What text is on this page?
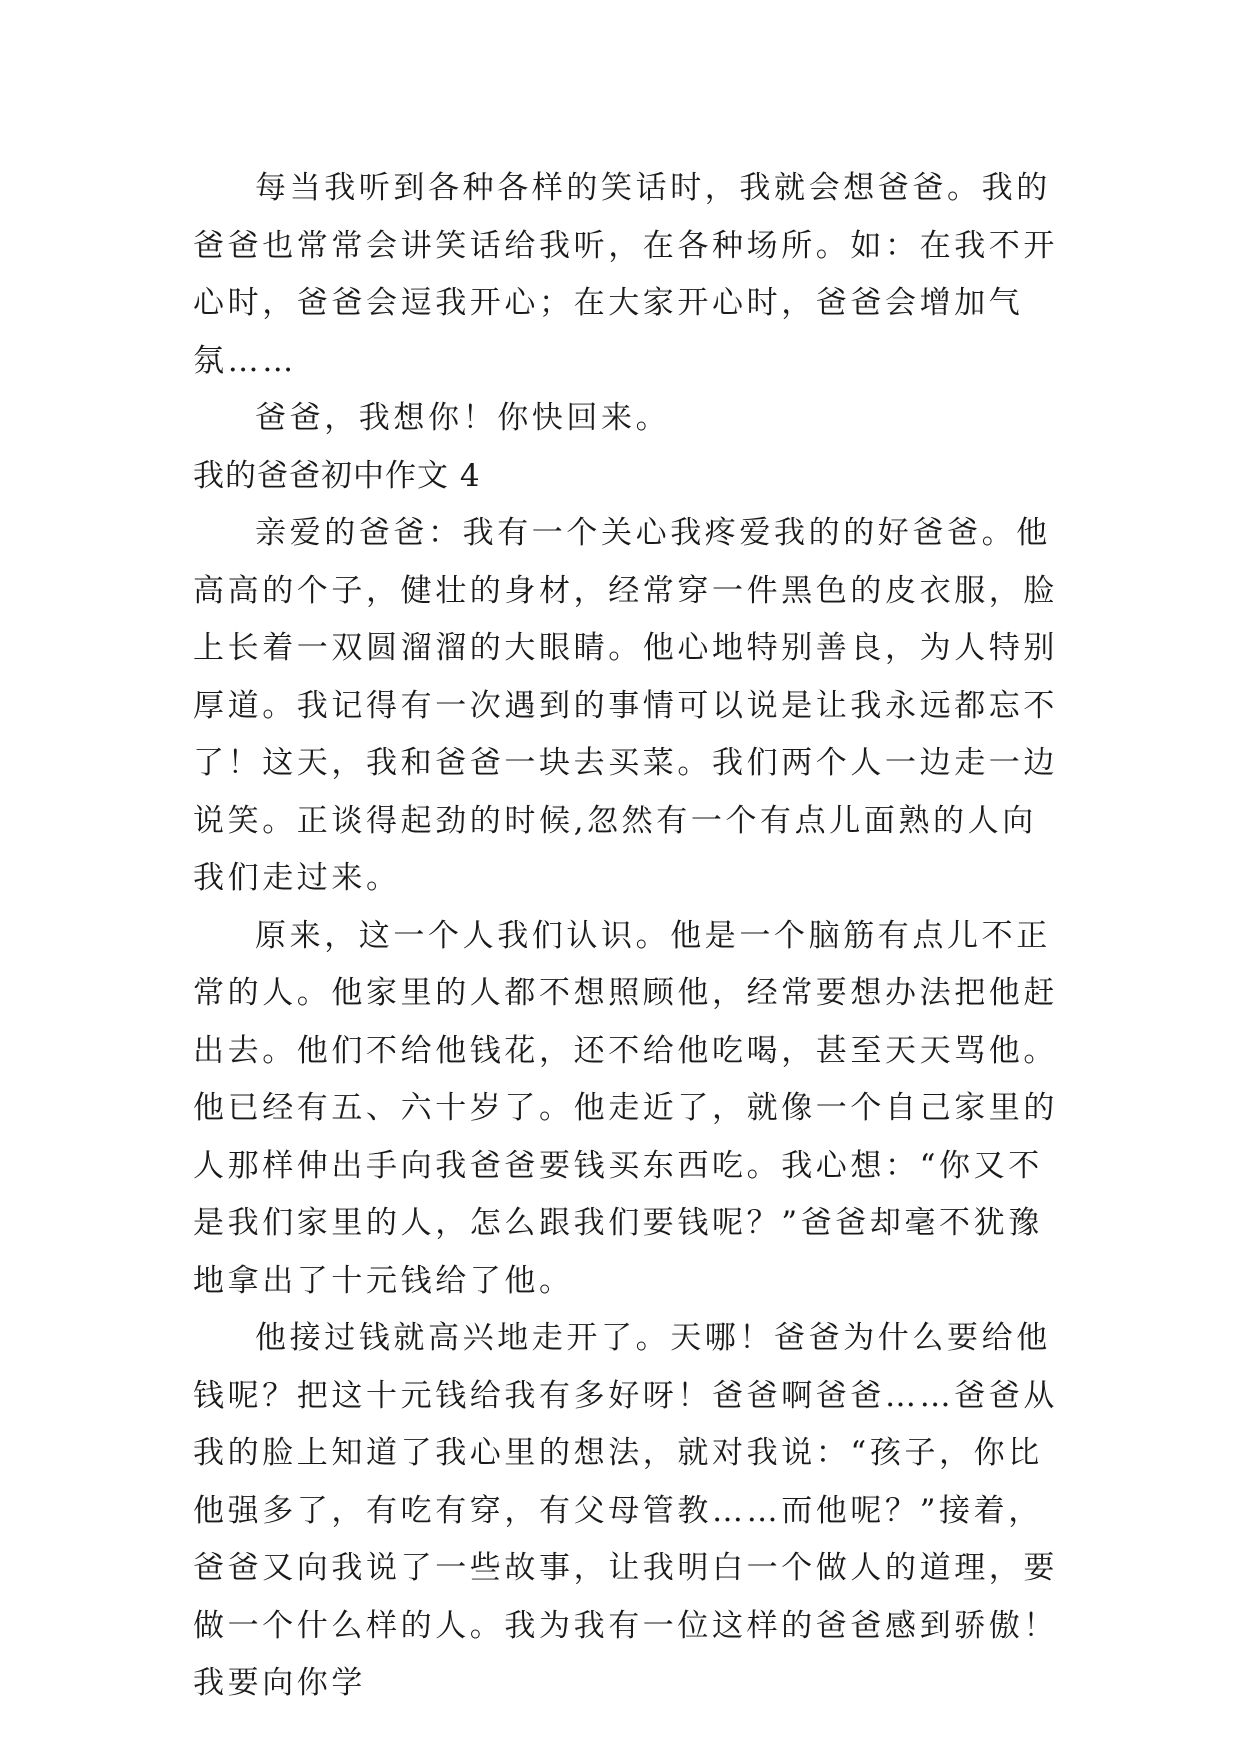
每当我听到各种各样的笑话时，我就会想爸爸。我的爸爸也常常会讲笑话给我听，在各种场所。如：在我不开心时，爸爸会逗我开心；在大家开心时，爸爸会增加气氛……

爸爸，我想你！你快回来。

我的爸爸初中作文 4

亲爱的爸爸：我有一个关心我疼爱我的的好爸爸。他高高的个子，健壮的身材，经常穿一件黑色的皮衣服，脸上长着一双圆溜溜的大眼睛。他心地特别善良，为人特别厚道。我记得有一次遇到的事情可以说是让我永远都忘不了！这天，我和爸爸一块去买菜。我们两个人一边走一边说笑。正谈得起劲的时候,忽然有一个有点儿面熟的人向我们走过来。

原来，这一个人我们认识。他是一个脑筋有点儿不正常的人。他家里的人都不想照顾他，经常要想办法把他赶出去。他们不给他钱花，还不给他吃喝，甚至天天骂他。他已经有五、六十岁了。他走近了，就像一个自己家里的人那样伸出手向我爸爸要钱买东西吃。我心想：“你又不是我们家里的人，怎么跟我们要钱呢？”爸爸却毫不犹豫地拿出了十元钱给了他。

他接过钱就高兴地走开了。天哪！爸爸为什么要给他钱呢？把这十元钱给我有多好呀！爸爸啊爸爸……爸爸从我的脸上知道了我心里的想法，就对我说：“孩子，你比他强多了，有吃有穿，有父母管教……而他呢？”接着，爸爸又向我说了一些故事，让我明白一个做人的道理，要做一个什么样的人。我为我有一位这样的爸爸感到骄傲！我要向你学
